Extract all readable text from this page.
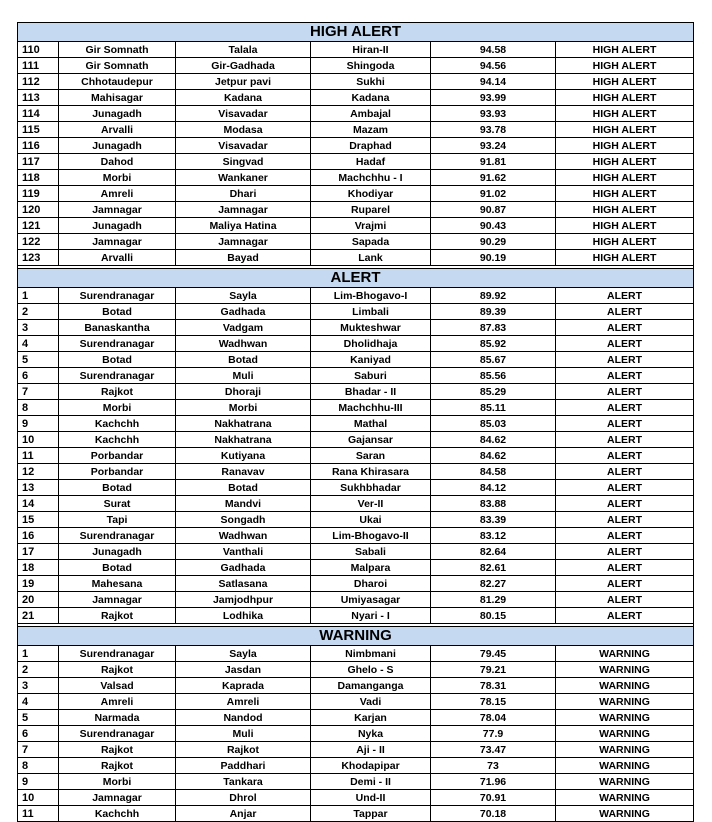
HIGH ALERT					
110	Gir Somnath	Talala	Hiran-II	94.58	HIGH ALERT
111	Gir Somnath	Gir-Gadhada	Shingoda	94.56	HIGH ALERT
112	Chhotaudepur	Jetpur pavi	Sukhi	94.14	HIGH ALERT
113	Mahisagar	Kadana	Kadana	93.99	HIGH ALERT
114	Junagadh	Visavadar	Ambajal	93.93	HIGH ALERT
115	Arvalli	Modasa	Mazam	93.78	HIGH ALERT
116	Junagadh	Visavadar	Draphad	93.24	HIGH ALERT
117	Dahod	Singvad	Hadaf	91.81	HIGH ALERT
118	Morbi	Wankaner	Machchhu - I	91.62	HIGH ALERT
119	Amreli	Dhari	Khodiyar	91.02	HIGH ALERT
120	Jamnagar	Jamnagar	Ruparel	90.87	HIGH ALERT
121	Junagadh	Maliya Hatina	Vrajmi	90.43	HIGH ALERT
122	Jamnagar	Jamnagar	Sapada	90.29	HIGH ALERT
123	Arvalli	Bayad	Lank	90.19	HIGH ALERT

ALERT					
1	Surendranagar	Sayla	Lim-Bhogavo-I	89.92	ALERT
2	Botad	Gadhada	Limbali	89.39	ALERT
3	Banaskantha	Vadgam	Mukteshwar	87.83	ALERT
4	Surendranagar	Wadhwan	Dholidhaja	85.92	ALERT
5	Botad	Botad	Kaniyad	85.67	ALERT
6	Surendranagar	Muli	Saburi	85.56	ALERT
7	Rajkot	Dhoraji	Bhadar - II	85.29	ALERT
8	Morbi	Morbi	Machchhu-III	85.11	ALERT
9	Kachchh	Nakhatrana	Mathal	85.03	ALERT
10	Kachchh	Nakhatrana	Gajansar	84.62	ALERT
11	Porbandar	Kutiyana	Saran	84.62	ALERT
12	Porbandar	Ranavav	Rana Khirasara	84.58	ALERT
13	Botad	Botad	Sukhbhadar	84.12	ALERT
14	Surat	Mandvi	Ver-II	83.88	ALERT
15	Tapi	Songadh	Ukai	83.39	ALERT
16	Surendranagar	Wadhwan	Lim-Bhogavo-II	83.12	ALERT
17	Junagadh	Vanthali	Sabali	82.64	ALERT
18	Botad	Gadhada	Malpara	82.61	ALERT
19	Mahesana	Satlasana	Dharoi	82.27	ALERT
20	Jamnagar	Jamjodhpur	Umiyasagar	81.29	ALERT
21	Rajkot	Lodhika	Nyari - I	80.15	ALERT

WARNING					
1	Surendranagar	Sayla	Nimbmani	79.45	WARNING
2	Rajkot	Jasdan	Ghelo - S	79.21	WARNING
3	Valsad	Kaprada	Damanganga	78.31	WARNING
4	Amreli	Amreli	Vadi	78.15	WARNING
5	Narmada	Nandod	Karjan	78.04	WARNING
6	Surendranagar	Muli	Nyka	77.9	WARNING
7	Rajkot	Rajkot	Aji - II	73.47	WARNING
8	Rajkot	Paddhari	Khodapipar	73	WARNING
9	Morbi	Tankara	Demi - II	71.96	WARNING
10	Jamnagar	Dhrol	Und-II	70.91	WARNING
11	Kachchh	Anjar	Tappar	70.18	WARNING
